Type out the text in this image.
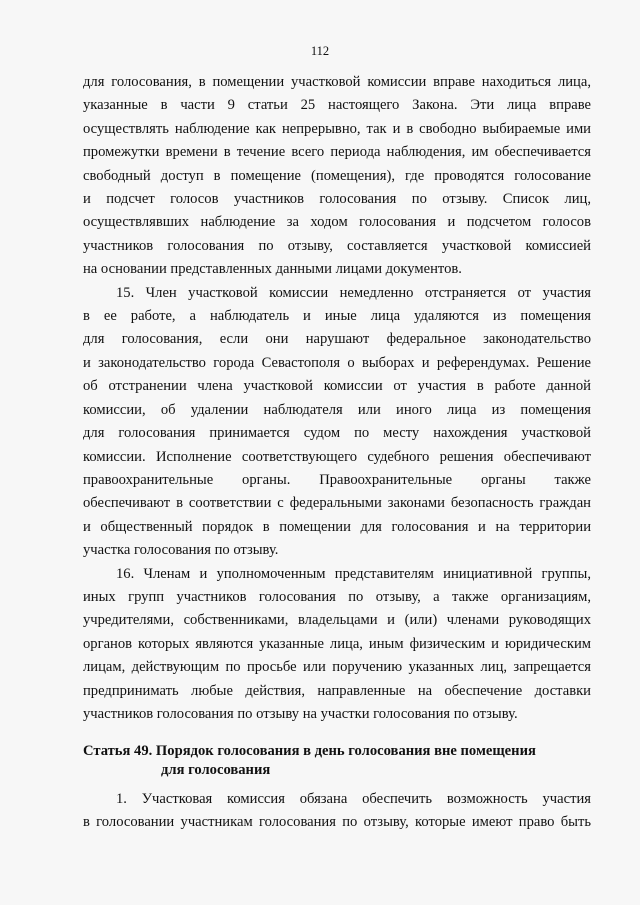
112

для голосования, в помещении участковой комиссии вправе находиться лица,

указанные в части 9 статьи 25 настоящего Закона. Эти лица вправе

осуществлять наблюдение как непрерывно, так и в свободно выбираемые ими

промежутки времени в течение всего периода наблюдения, им обеспечивается

свободный доступ в помещение (помещения), где проводятся голосование

и подсчет голосов участников голосования по отзыву. Список лиц,

осуществлявших наблюдение за ходом голосования и подсчетом голосов

участников голосования по отзыву, составляется участковой комиссией

на основании представленных данными лицами документов.

15. Член участковой комиссии немедленно отстраняется от участия

в ее работе, а наблюдатель и иные лица удаляются из помещения

для голосования, если они нарушают федеральное законодательство

и законодательство города Севастополя о выборах и референдумах. Решение

об отстранении члена участковой комиссии от участия в работе данной

комиссии, об удалении наблюдателя или иного лица из помещения

для голосования принимается судом по месту нахождения участковой

комиссии. Исполнение соответствующего судебного решения обеспечивают

правоохранительные органы. Правоохранительные органы также

обеспечивают в соответствии с федеральными законами безопасность граждан

и общественный порядок в помещении для голосования и на территории

участка голосования по отзыву.

16. Членам и уполномоченным представителям инициативной группы,

иных групп участников голосования по отзыву, а также организациям,

учредителями, собственниками, владельцами и (или) членами руководящих

органов которых являются указанные лица, иным физическим и юридическим

лицам, действующим по просьбе или поручению указанных лиц, запрещается

предпринимать любые действия, направленные на обеспечение доставки

участников голосования по отзыву на участки голосования по отзыву.

Статья 49. Порядок голосования в день голосования вне помещения
для голосования

1. Участковая комиссия обязана обеспечить возможность участия

в голосовании участникам голосования по отзыву, которые имеют право быть
